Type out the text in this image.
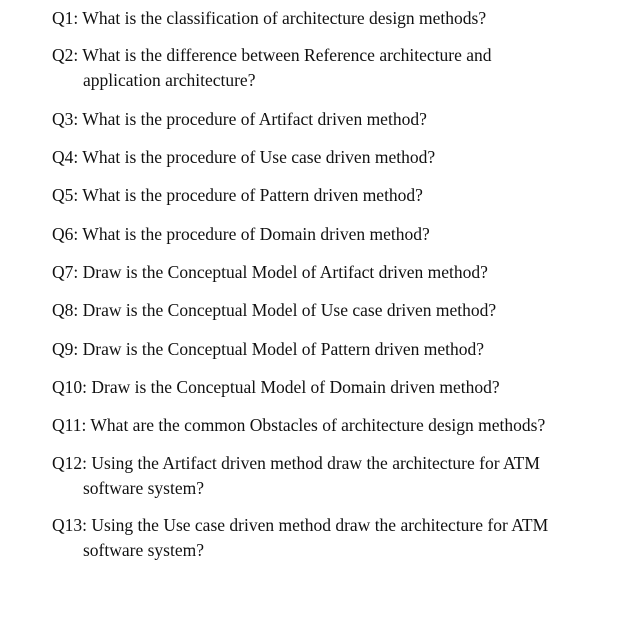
Q1: What is the classification of architecture design methods?
Q2: What is the difference between Reference architecture and
application architecture?
Q3: What is the procedure of Artifact driven method?
Q4: What is the procedure of Use case driven method?
Q5: What is the procedure of Pattern driven method?
Q6: What is the procedure of Domain driven method?
Q7: Draw is the Conceptual Model of Artifact driven method?
Q8: Draw is the Conceptual Model of Use case driven method?
Q9: Draw is the Conceptual Model of Pattern driven method?
Q10: Draw is the Conceptual Model of Domain driven method?
Q11: What are the common Obstacles of architecture design methods?
Q12: Using the Artifact driven method draw the architecture for ATM
software system?
Q13: Using the Use case driven method draw the architecture for ATM
software system?
